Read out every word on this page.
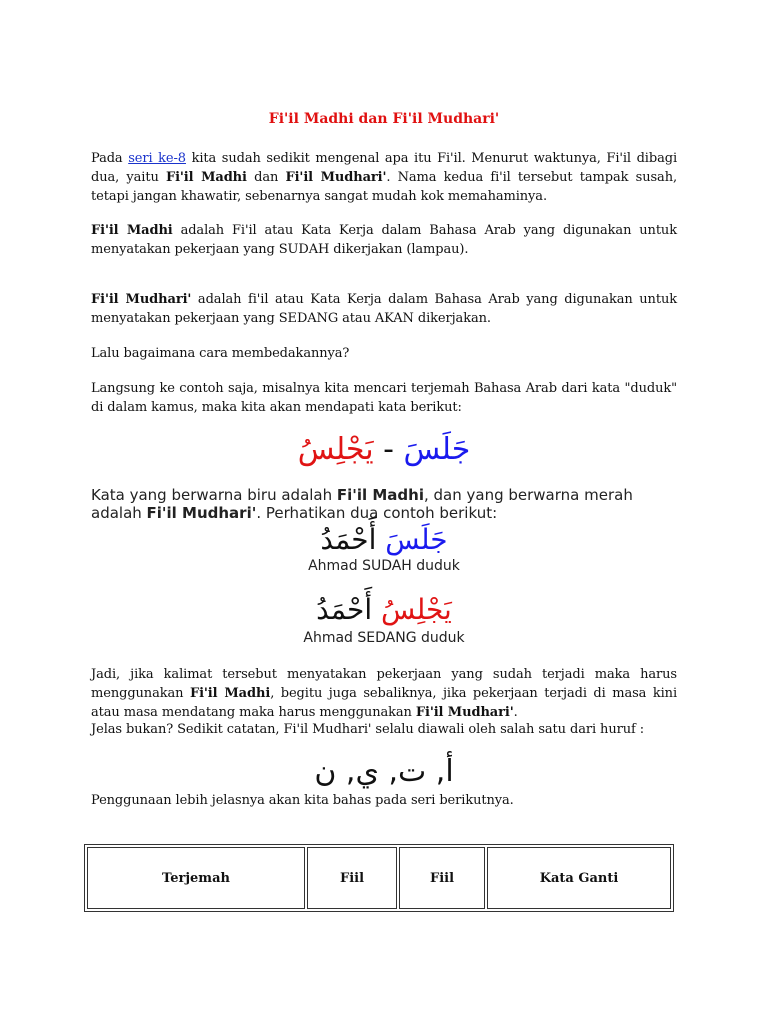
Fi'il Madhi dan Fi'il Mudhari'

Pada seri ke-8 kita sudah sedikit mengenal apa itu Fi'il. Menurut waktunya, Fi'il dibagi dua, yaitu Fi'il Madhi dan Fi'il Mudhari'. Nama kedua fi'il tersebut tampak susah, tetapi jangan khawatir, sebenarnya sangat mudah kok memahaminya.

Fi'il Madhi adalah Fi'il atau Kata Kerja dalam Bahasa Arab yang digunakan untuk menyatakan pekerjaan yang SUDAH dikerjakan (lampau).

Fi'il Mudhari' adalah fi'il atau Kata Kerja dalam Bahasa Arab yang digunakan untuk menyatakan pekerjaan yang SEDANG atau AKAN dikerjakan.

Lalu bagaimana cara membedakannya?

Langsung ke contoh saja, misalnya kita mencari terjemah Bahasa Arab dari kata "duduk" di dalam kamus, maka kita akan mendapati kata berikut:

جَلَسَ - يَجْلِسُ

Kata yang berwarna biru adalah Fi'il Madhi, dan yang berwarna merah adalah Fi'il Mudhari'. Perhatikan dua contoh berikut:

جَلَسَ أَحْمَدُ

Ahmad SUDAH duduk

يَجْلِسُ أَحْمَدُ

Ahmad SEDANG duduk

Jadi, jika kalimat tersebut menyatakan pekerjaan yang sudah terjadi maka harus menggunakan Fi'il Madhi, begitu juga sebaliknya, jika pekerjaan terjadi di masa kini atau masa mendatang maka harus menggunakan Fi'il Mudhari'.

Jelas bukan? Sedikit catatan, Fi'il Mudhari' selalu diawali oleh salah satu dari huruf :

أ, ت, ي, ن

Penggunaan lebih jelasnya akan kita bahas pada seri berikutnya.

Terjemah	Fiil	Fiil	Kata Ganti
